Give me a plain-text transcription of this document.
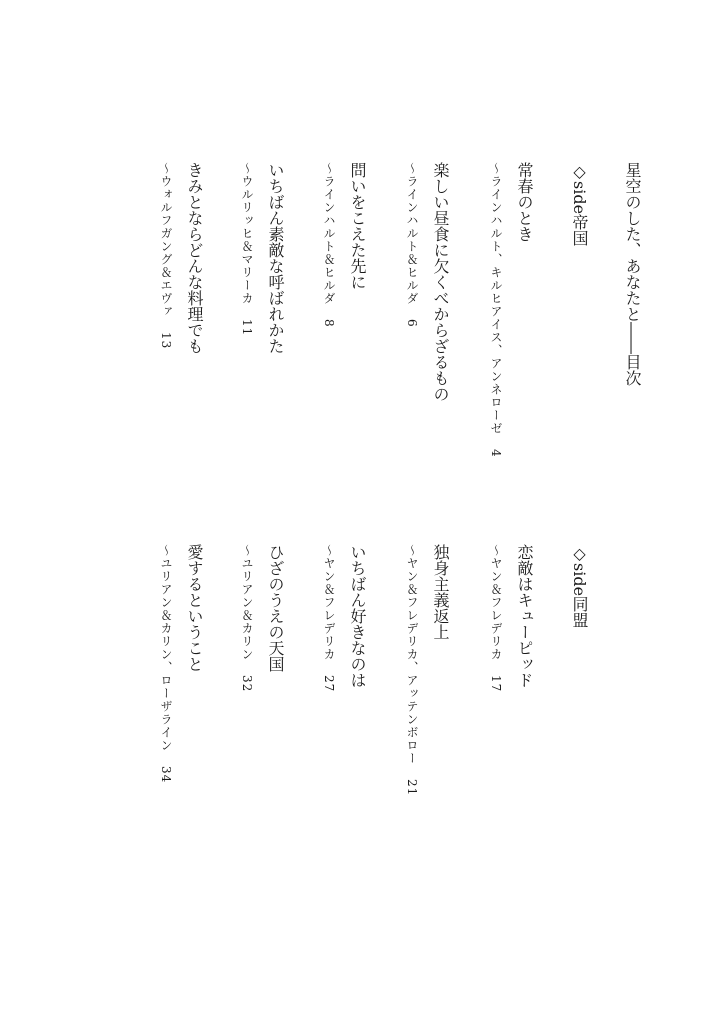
星空のした、あなたと――目次
◇side帝国
常春のとき
〜ラインハルト、キルヒアイス、アンネローゼ4
楽しい昼食に欠くべからざるもの
〜ラインハルト＆ヒルダ6
問いをこえた先に
〜ラインハルト＆ヒルダ8
いちばん素敵な呼ばれかた
〜ウルリッヒ＆マリーカ11
きみとならどんな料理でも
〜ウォルフガング＆エヴァ13
◇side同盟
恋敵はキューピッド
〜ヤン＆フレデリカ17
独身主義返上
〜ヤン＆フレデリカ、アッテンボロー21
いちばん好きなのは
〜ヤン＆フレデリカ27
ひざのうえの天国
〜ユリアン＆カリン32
愛するということ
〜ユリアン＆カリン、ローザライン34
